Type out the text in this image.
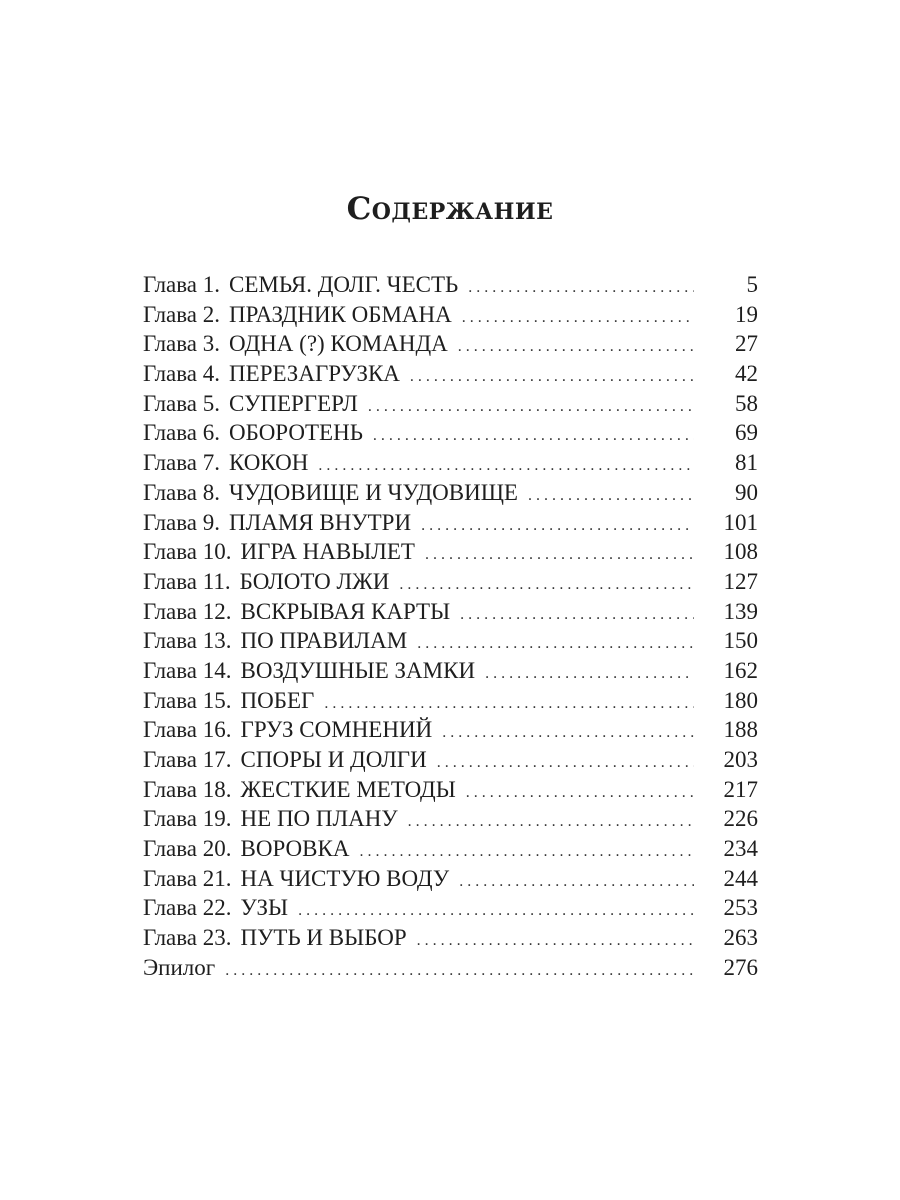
Содержание
Глава 1. СЕМЬЯ. ДОЛГ. ЧЕСТЬ . . .	5
Глава 2. ПРАЗДНИК ОБМАНА . . .	19
Глава 3. ОДНА (?) КОМАНДА . . .	27
Глава 4. ПЕРЕЗАГРУЗКА . . .	42
Глава 5. СУПЕРГЕРЛ . . .	58
Глава 6. ОБОРОТЕНЬ . . .	69
Глава 7. КОКОН . . .	81
Глава 8. ЧУДОВИЩЕ И ЧУДОВИЩЕ . . .	90
Глава 9. ПЛАМЯ ВНУТРИ . . .	101
Глава 10. ИГРА НАВЫЛЕТ . . .	108
Глава 11. БОЛОТО ЛЖИ . . .	127
Глава 12. ВСКРЫВАЯ КАРТЫ . . .	139
Глава 13. ПО ПРАВИЛАМ . . .	150
Глава 14. ВОЗДУШНЫЕ ЗАМКИ . . .	162
Глава 15. ПОБЕГ . . .	180
Глава 16. ГРУЗ СОМНЕНИЙ . . .	188
Глава 17. СПОРЫ И ДОЛГИ . . .	203
Глава 18. ЖЕСТКИЕ МЕТОДЫ . . .	217
Глава 19. НЕ ПО ПЛАНУ . . .	226
Глава 20. ВОРОВКА . . .	234
Глава 21. НА ЧИСТУЮ ВОДУ . . .	244
Глава 22. УЗЫ . . .	253
Глава 23. ПУТЬ И ВЫБОР . . .	263
Эпилог . . .	276
